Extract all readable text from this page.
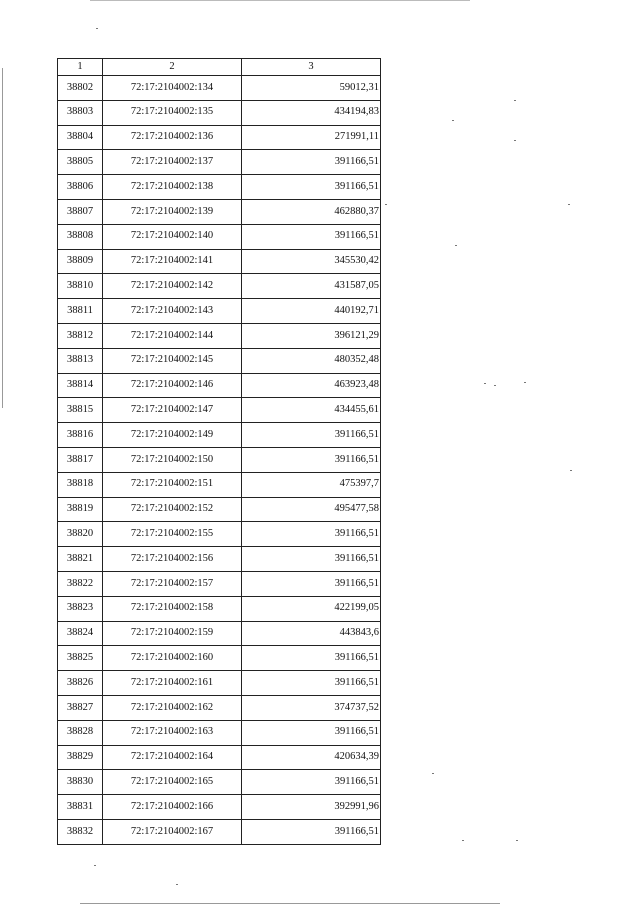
1	2	3
38802	72:17:2104002:134	59012,31
38803	72:17:2104002:135	434194,83
38804	72:17:2104002:136	271991,11
38805	72:17:2104002:137	391166,51
38806	72:17:2104002:138	391166,51
38807	72:17:2104002:139	462880,37
38808	72:17:2104002:140	391166,51
38809	72:17:2104002:141	345530,42
38810	72:17:2104002:142	431587,05
38811	72:17:2104002:143	440192,71
38812	72:17:2104002:144	396121,29
38813	72:17:2104002:145	480352,48
38814	72:17:2104002:146	463923,48
38815	72:17:2104002:147	434455,61
38816	72:17:2104002:149	391166,51
38817	72:17:2104002:150	391166,51
38818	72:17:2104002:151	475397,7
38819	72:17:2104002:152	495477,58
38820	72:17:2104002:155	391166,51
38821	72:17:2104002:156	391166,51
38822	72:17:2104002:157	391166,51
38823	72:17:2104002:158	422199,05
38824	72:17:2104002:159	443843,6
38825	72:17:2104002:160	391166,51
38826	72:17:2104002:161	391166,51
38827	72:17:2104002:162	374737,52
38828	72:17:2104002:163	391166,51
38829	72:17:2104002:164	420634,39
38830	72:17:2104002:165	391166,51
38831	72:17:2104002:166	392991,96
38832	72:17:2104002:167	391166,51
